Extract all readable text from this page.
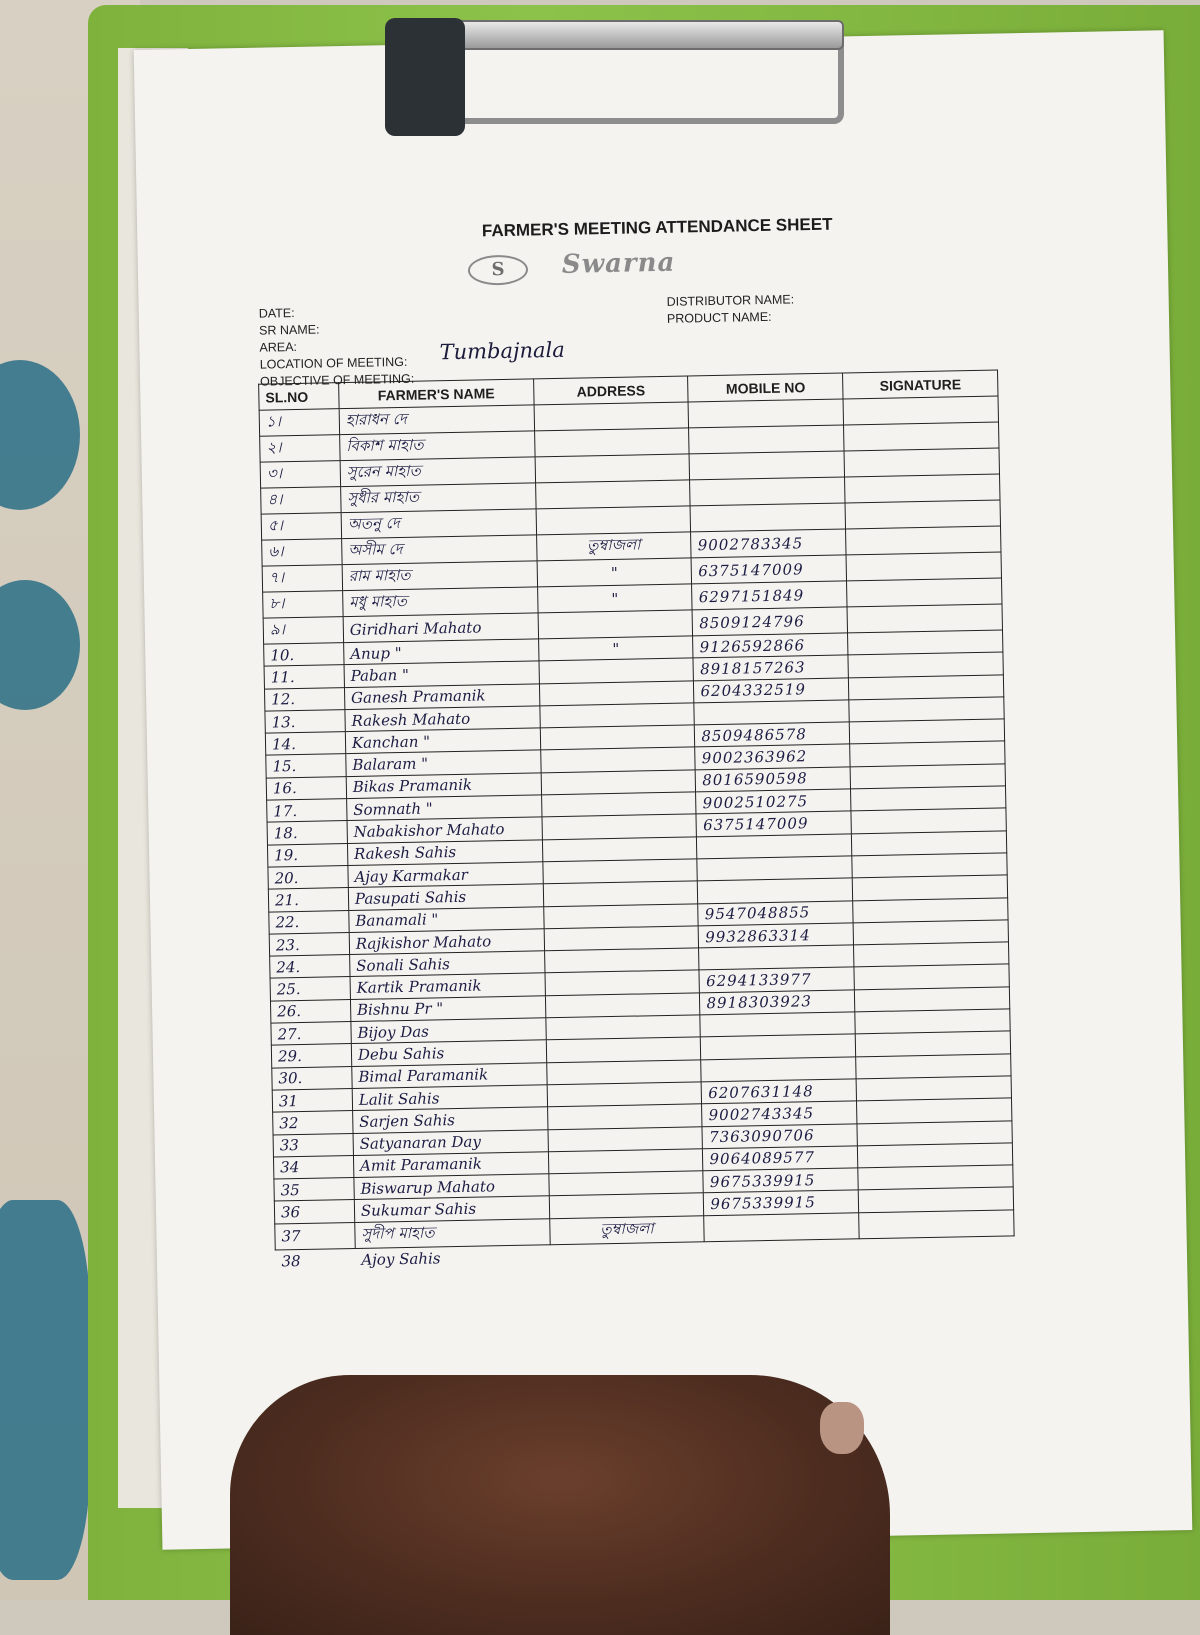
FARMER'S MEETING ATTENDANCE SHEET
S	Swarna
DATE:
SR NAME:
AREA:
LOCATION OF MEETING:
OBJECTIVE OF MEETING:
DISTRIBUTOR NAME:
PRODUCT NAME:
Tumbajnala
SL.NO	FARMER'S NAME	ADDRESS	MOBILE NO	SIGNATURE
১।	হারাধন দে			
২।	বিকাশ মাহাত			
৩।	সুরেন মাহাত			
৪।	সুধীর মাহাত			
৫।	অতনু দে			
৬।	অসীম দে	তুম্বাজলা	9002783345	
৭।	রাম মাহাত	"	6375147009	
৮।	মধু মাহাত	"	6297151849	
৯।	Giridhari Mahato		8509124796	
10.	Anup "	"	9126592866	
11.	Paban "		8918157263	
12.	Ganesh Pramanik		6204332519	
13.	Rakesh Mahato			
14.	Kanchan "		8509486578	
15.	Balaram "		9002363962	
16.	Bikas Pramanik		8016590598	
17.	Somnath "		9002510275	
18.	Nabakishor Mahato		6375147009	
19.	Rakesh Sahis			
20.	Ajay Karmakar			
21.	Pasupati Sahis			
22.	Banamali "		9547048855	
23.	Rajkishor Mahato		9932863314	
24.	Sonali Sahis			
25.	Kartik Pramanik		6294133977	
26.	Bishnu Pr "		8918303923	
27.	Bijoy Das			
29.	Debu Sahis			
30.	Bimal Paramanik			
31	Lalit Sahis		6207631148	
32	Sarjen Sahis		9002743345	
33	Satyanaran Day		7363090706	
34	Amit Paramanik		9064089577	
35	Biswarup Mahato		9675339915	
36	Sukumar Sahis		9675339915	
37	সুদীপ মাহাত	তুম্বাজলা		
38	Ajoy Sahis			
